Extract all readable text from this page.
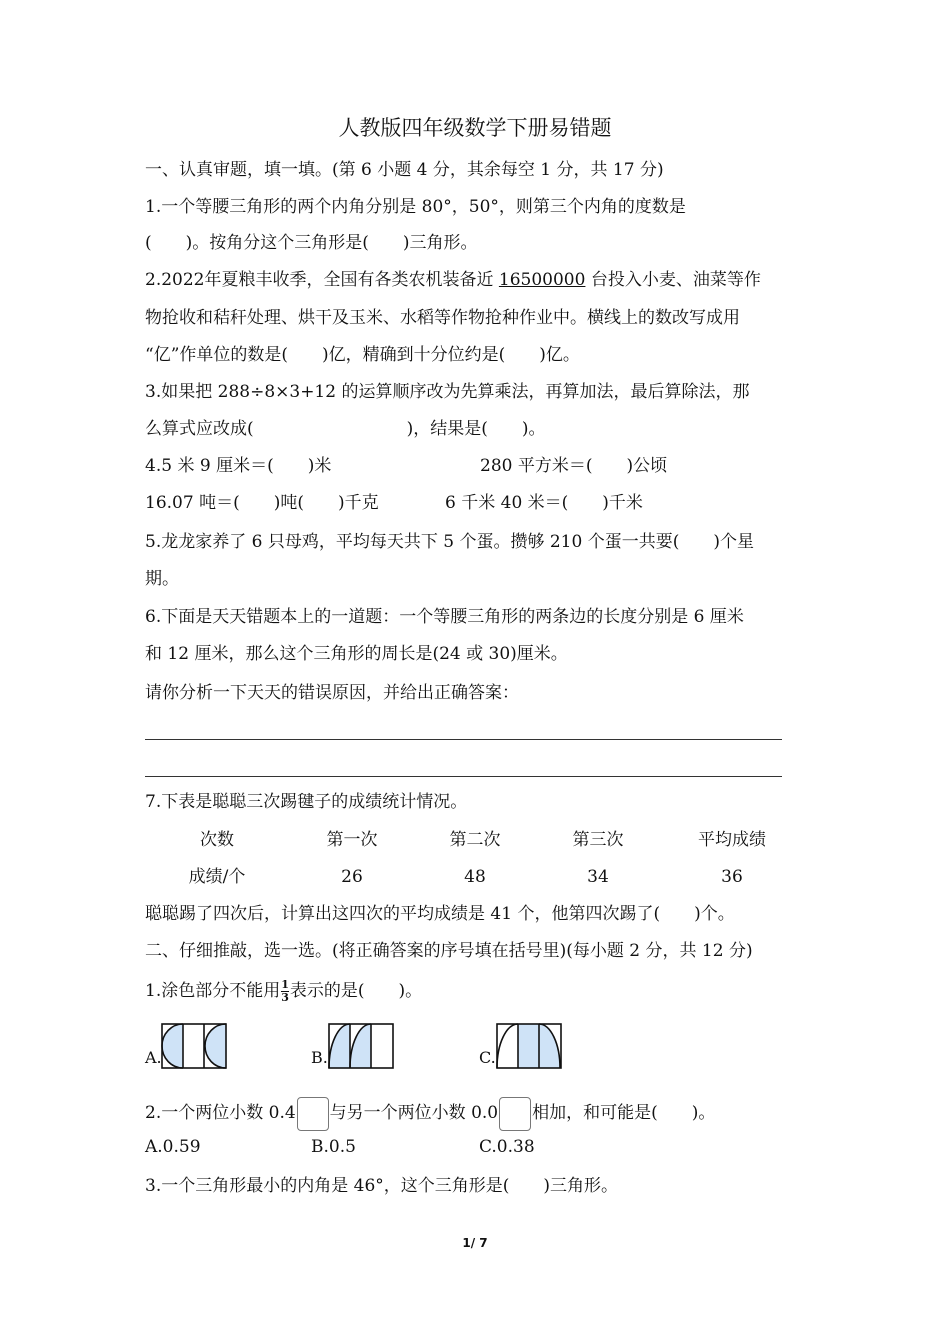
人教版四年级数学下册易错题
一、认真审题，填一填。(第 6 小题 4 分，其余每空 1 分，共 17 分)
1.一个等腰三角形的两个内角分别是 80°，50°，则第三个内角的度数是
(　　)。按角分这个三角形是(　　)三角形。
2.2022年夏粮丰收季，全国有各类农机装备近 16500000 台投入小麦、油菜等作
物抢收和秸秆处理、烘干及玉米、水稻等作物抢种作业中。横线上的数改写成用
“亿”作单位的数是(　　)亿，精确到十分位约是(　　)亿。
3.如果把 288÷8×3+12 的运算顺序改为先算乘法，再算加法，最后算除法，那
么算式应改成(　　　　　　　　　)，结果是(　　)。
4.5 米 9 厘米＝(　　)米	280 平方米＝(　　)公顷
16.07 吨＝(　　)吨(　　)千克	6 千米 40 米＝(　　)千米
5.龙龙家养了 6 只母鸡，平均每天共下 5 个蛋。攒够 210 个蛋一共要(　　)个星
期。
6.下面是天天错题本上的一道题：一个等腰三角形的两条边的长度分别是 6 厘米
和 12 厘米，那么这个三角形的周长是(24 或 30)厘米。
请你分析一下天天的错误原因，并给出正确答案：
7.下表是聪聪三次踢毽子的成绩统计情况。
次数	第一次	第二次	第三次	平均成绩
成绩/个	26	48	34	36
聪聪踢了四次后，计算出这四次的平均成绩是 41 个，他第四次踢了(　　)个。
二、仔细推敲，选一选。(将正确答案的序号填在括号里)(每小题 2 分，共 12 分)
1.涂色部分不能用 $\frac{1}{3}$ 表示的是(　　)。
A.	B.	C.
2.一个两位小数 0.4 与另一个两位小数 0.0 相加，和可能是(　　)。
A.0.59	B.0.5	C.0.38
3.一个三角形最小的内角是 46°，这个三角形是(　　)三角形。
1/ 7
